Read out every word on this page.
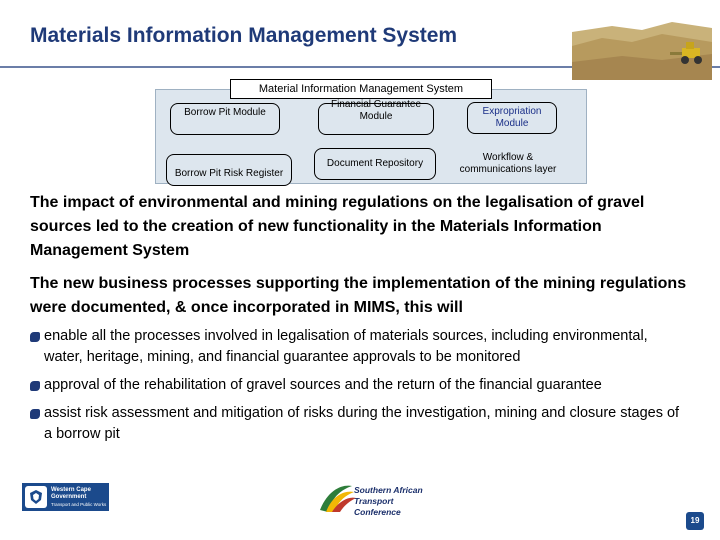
Materials Information Management System
Material Information Management System
Borrow Pit Module
Financial Guarantee Module	Expropriation Module
Borrow Pit Risk Register
Document Repository
Workflow & communications layer
The impact of environmental and mining regulations on the legalisation of gravel sources led to the creation of new functionality in the Materials Information Management System
The new business processes supporting the implementation of the mining regulations were documented, & once incorporated in MIMS, this will
enable all the processes involved in legalisation of materials sources, including environmental, water, heritage, mining, and financial guarantee approvals to be monitored
approval of the rehabilitation of gravel sources and the return of the financial guarantee
assist risk assessment and mitigation of risks during the investigation, mining and closure stages of a borrow pit
Western Cape
Government
Transport and Public Works
Southern African
Transport Conference
19
